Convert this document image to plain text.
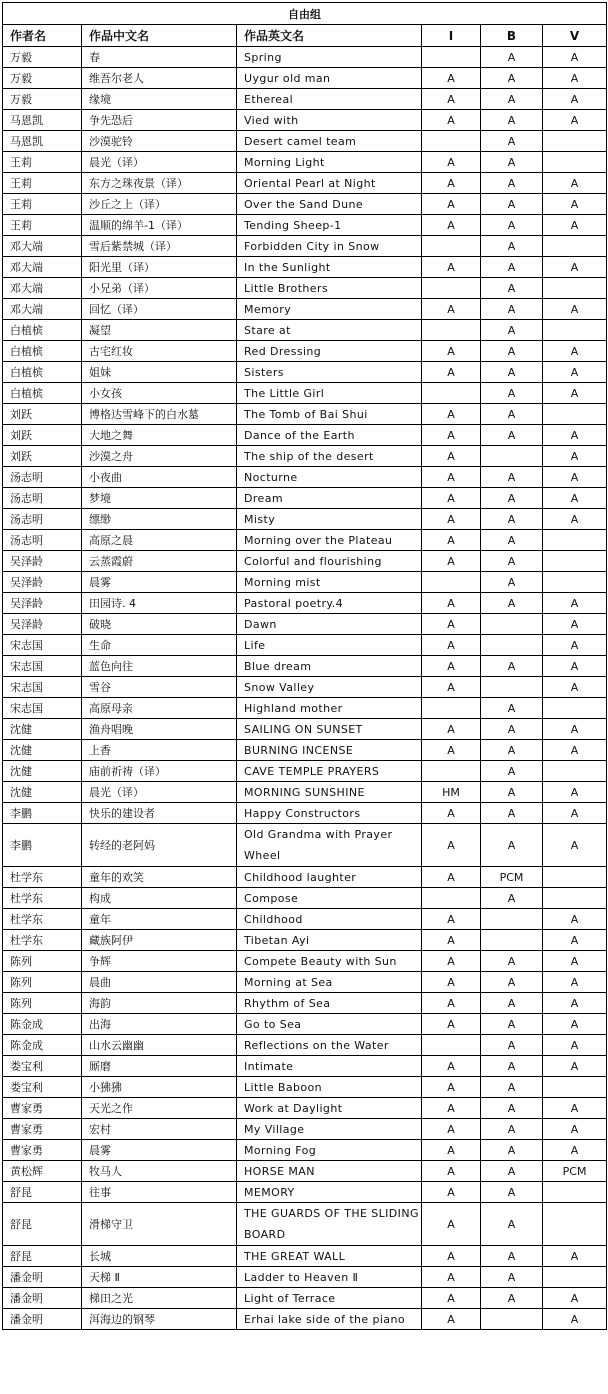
自由组					
作者名	作品中文名	作品英文名	I	B	V
万毅	春	Spring		A	A
万毅	维吾尔老人	Uygur old man	A	A	A
万毅	缘境	Ethereal	A	A	A
马恩凯	争先恐后	Vied with	A	A	A
马恩凯	沙漠驼铃	Desert camel team		A	
王莉	晨光（译）	Morning Light	A	A	
王莉	东方之珠夜景（译）	Oriental Pearl at Night	A	A	A
王莉	沙丘之上（译）	Over the Sand Dune	A	A	A
王莉	温顺的绵羊-1（译）	Tending Sheep-1	A	A	A
邓大端	雪后紫禁城（译）	Forbidden City in Snow		A	
邓大端	阳光里（译）	In the Sunlight	A	A	A
邓大端	小兄弟（译）	Little Brothers		A	
邓大端	回忆（译）	Memory	A	A	A
白植槟	凝望	Stare at		A	
白植槟	古宅红妆	Red Dressing	A	A	A
白植槟	姐妹	Sisters	A	A	A
白植槟	小女孩	The Little Girl		A	A
刘跃	博格达雪峰下的白水墓	The Tomb of Bai Shui	A	A	
刘跃	大地之舞	Dance of the Earth	A	A	A
刘跃	沙漠之舟	The ship of the desert	A		A
汤志明	小夜曲	Nocturne	A	A	A
汤志明	梦境	Dream	A	A	A
汤志明	缥缈	Misty	A	A	A
汤志明	高原之晨	Morning over the Plateau	A	A	
吴泽龄	云蒸霞蔚	Colorful and flourishing	A	A	
吴泽龄	晨雾	Morning mist		A	
吴泽龄	田园诗. 4	Pastoral poetry.4	A	A	A
吴泽龄	破晓	Dawn	A		A
宋志国	生命	Life	A		A
宋志国	蓝色向往	Blue dream	A	A	A
宋志国	雪谷	Snow Valley	A		A
宋志国	高原母亲	Highland mother		A	
沈健	渔舟唱晚	SAILING ON SUNSET	A	A	A
沈健	上香	BURNING INCENSE	A	A	A
沈健	庙前祈祷（译）	CAVE TEMPLE PRAYERS		A	
沈健	晨光（译）	MORNING SUNSHINE	HM	A	A
李鹏	快乐的建设者	Happy Constructors	A	A	A
李鹏	转经的老阿妈	Old Grandma with Prayer Wheel	A	A	A
杜学东	童年的欢笑	Childhood laughter	A	PCM	
杜学东	构成	Compose		A	
杜学东	童年	Childhood	A		A
杜学东	藏族阿伊	Tibetan Ayi	A		A
陈列	争辉	Compete Beauty with Sun	A	A	A
陈列	晨曲	Morning at Sea	A	A	A
陈列	海韵	Rhythm of Sea	A	A	A
陈金成	出海	Go to Sea	A	A	A
陈金成	山水云幽幽	Reflections on the Water		A	A
娄宝利	厮磨	Intimate	A	A	A
娄宝利	小狒狒	Little Baboon	A	A	
曹家勇	天光之作	Work at Daylight	A	A	A
曹家勇	宏村	My Village	A	A	A
曹家勇	晨雾	Morning Fog	A	A	A
黄松辉	牧马人	HORSE MAN	A	A	PCM
舒昆	往事	MEMORY	A	A	
舒昆	滑梯守卫	THE GUARDS OF THE SLIDING BOARD	A	A	
舒昆	长城	THE GREAT WALL	A	A	A
潘金明	天梯 Ⅱ	Ladder to Heaven Ⅱ	A	A	
潘金明	梯田之光	Light of Terrace	A	A	A
潘金明	洱海边的钢琴	Erhai lake side of the piano	A		A
